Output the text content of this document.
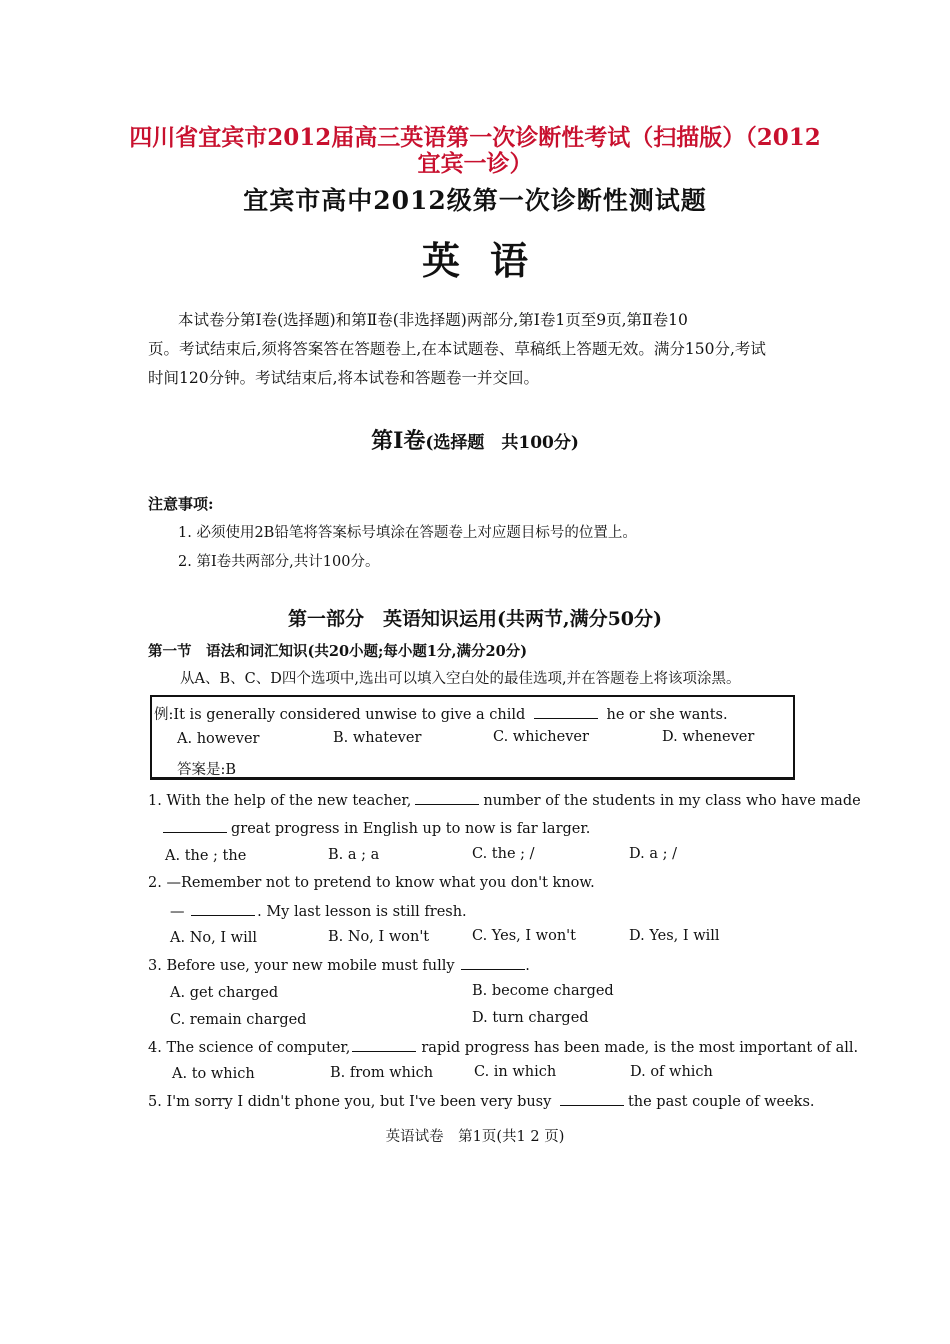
四川省宜宾市2012届高三英语第一次诊断性考试（扫描版）（2012
宜宾一诊）
宜宾市高中2012级第一次诊断性测试题
英语
本试卷分第Ⅰ卷(选择题)和第Ⅱ卷(非选择题)两部分,第Ⅰ卷1页至9页,第Ⅱ卷10
页。考试结束后,须将答案答在答题卷上,在本试题卷、草稿纸上答题无效。满分150分,考试
时间120分钟。考试结束后,将本试卷和答题卷一并交回。
第Ⅰ卷(选择题　共100分)
注意事项:
1. 必须使用2B铅笔将答案标号填涂在答题卷上对应题目标号的位置上。
2. 第Ⅰ卷共两部分,共计100分。
第一部分　英语知识运用(共两节,满分50分)
第一节　语法和词汇知识(共20小题;每小题1分,满分20分)
从A、B、C、D四个选项中,选出可以填入空白处的最佳选项,并在答题卷上将该项涂黑。
例:It is generally considered unwise to give a child	he or she wants.
A. however	B. whatever	C. whichever	D. whenever
答案是:B
1. With the help of the new teacher,	number of the students in my class who have made
great progress in English up to now is far larger.
A. the ; the	B. a ; a	C. the ; /	D. a ; /
2. —Remember not to pretend to know what you don't know.
—	. My last lesson is still fresh.
A. No, I will	B. No, I won't	C. Yes, I won't	D. Yes, I will
3. Before use, your new mobile must fully	.
A. get charged	B. become charged
C. remain charged	D. turn charged
4. The science of computer,	rapid progress has been made, is the most important of all.
A. to which	B. from which	C. in which	D. of which
5. I'm sorry I didn't phone you, but I've been very busy	the past couple of weeks.
英语试卷　第1页(共1 2 页)
